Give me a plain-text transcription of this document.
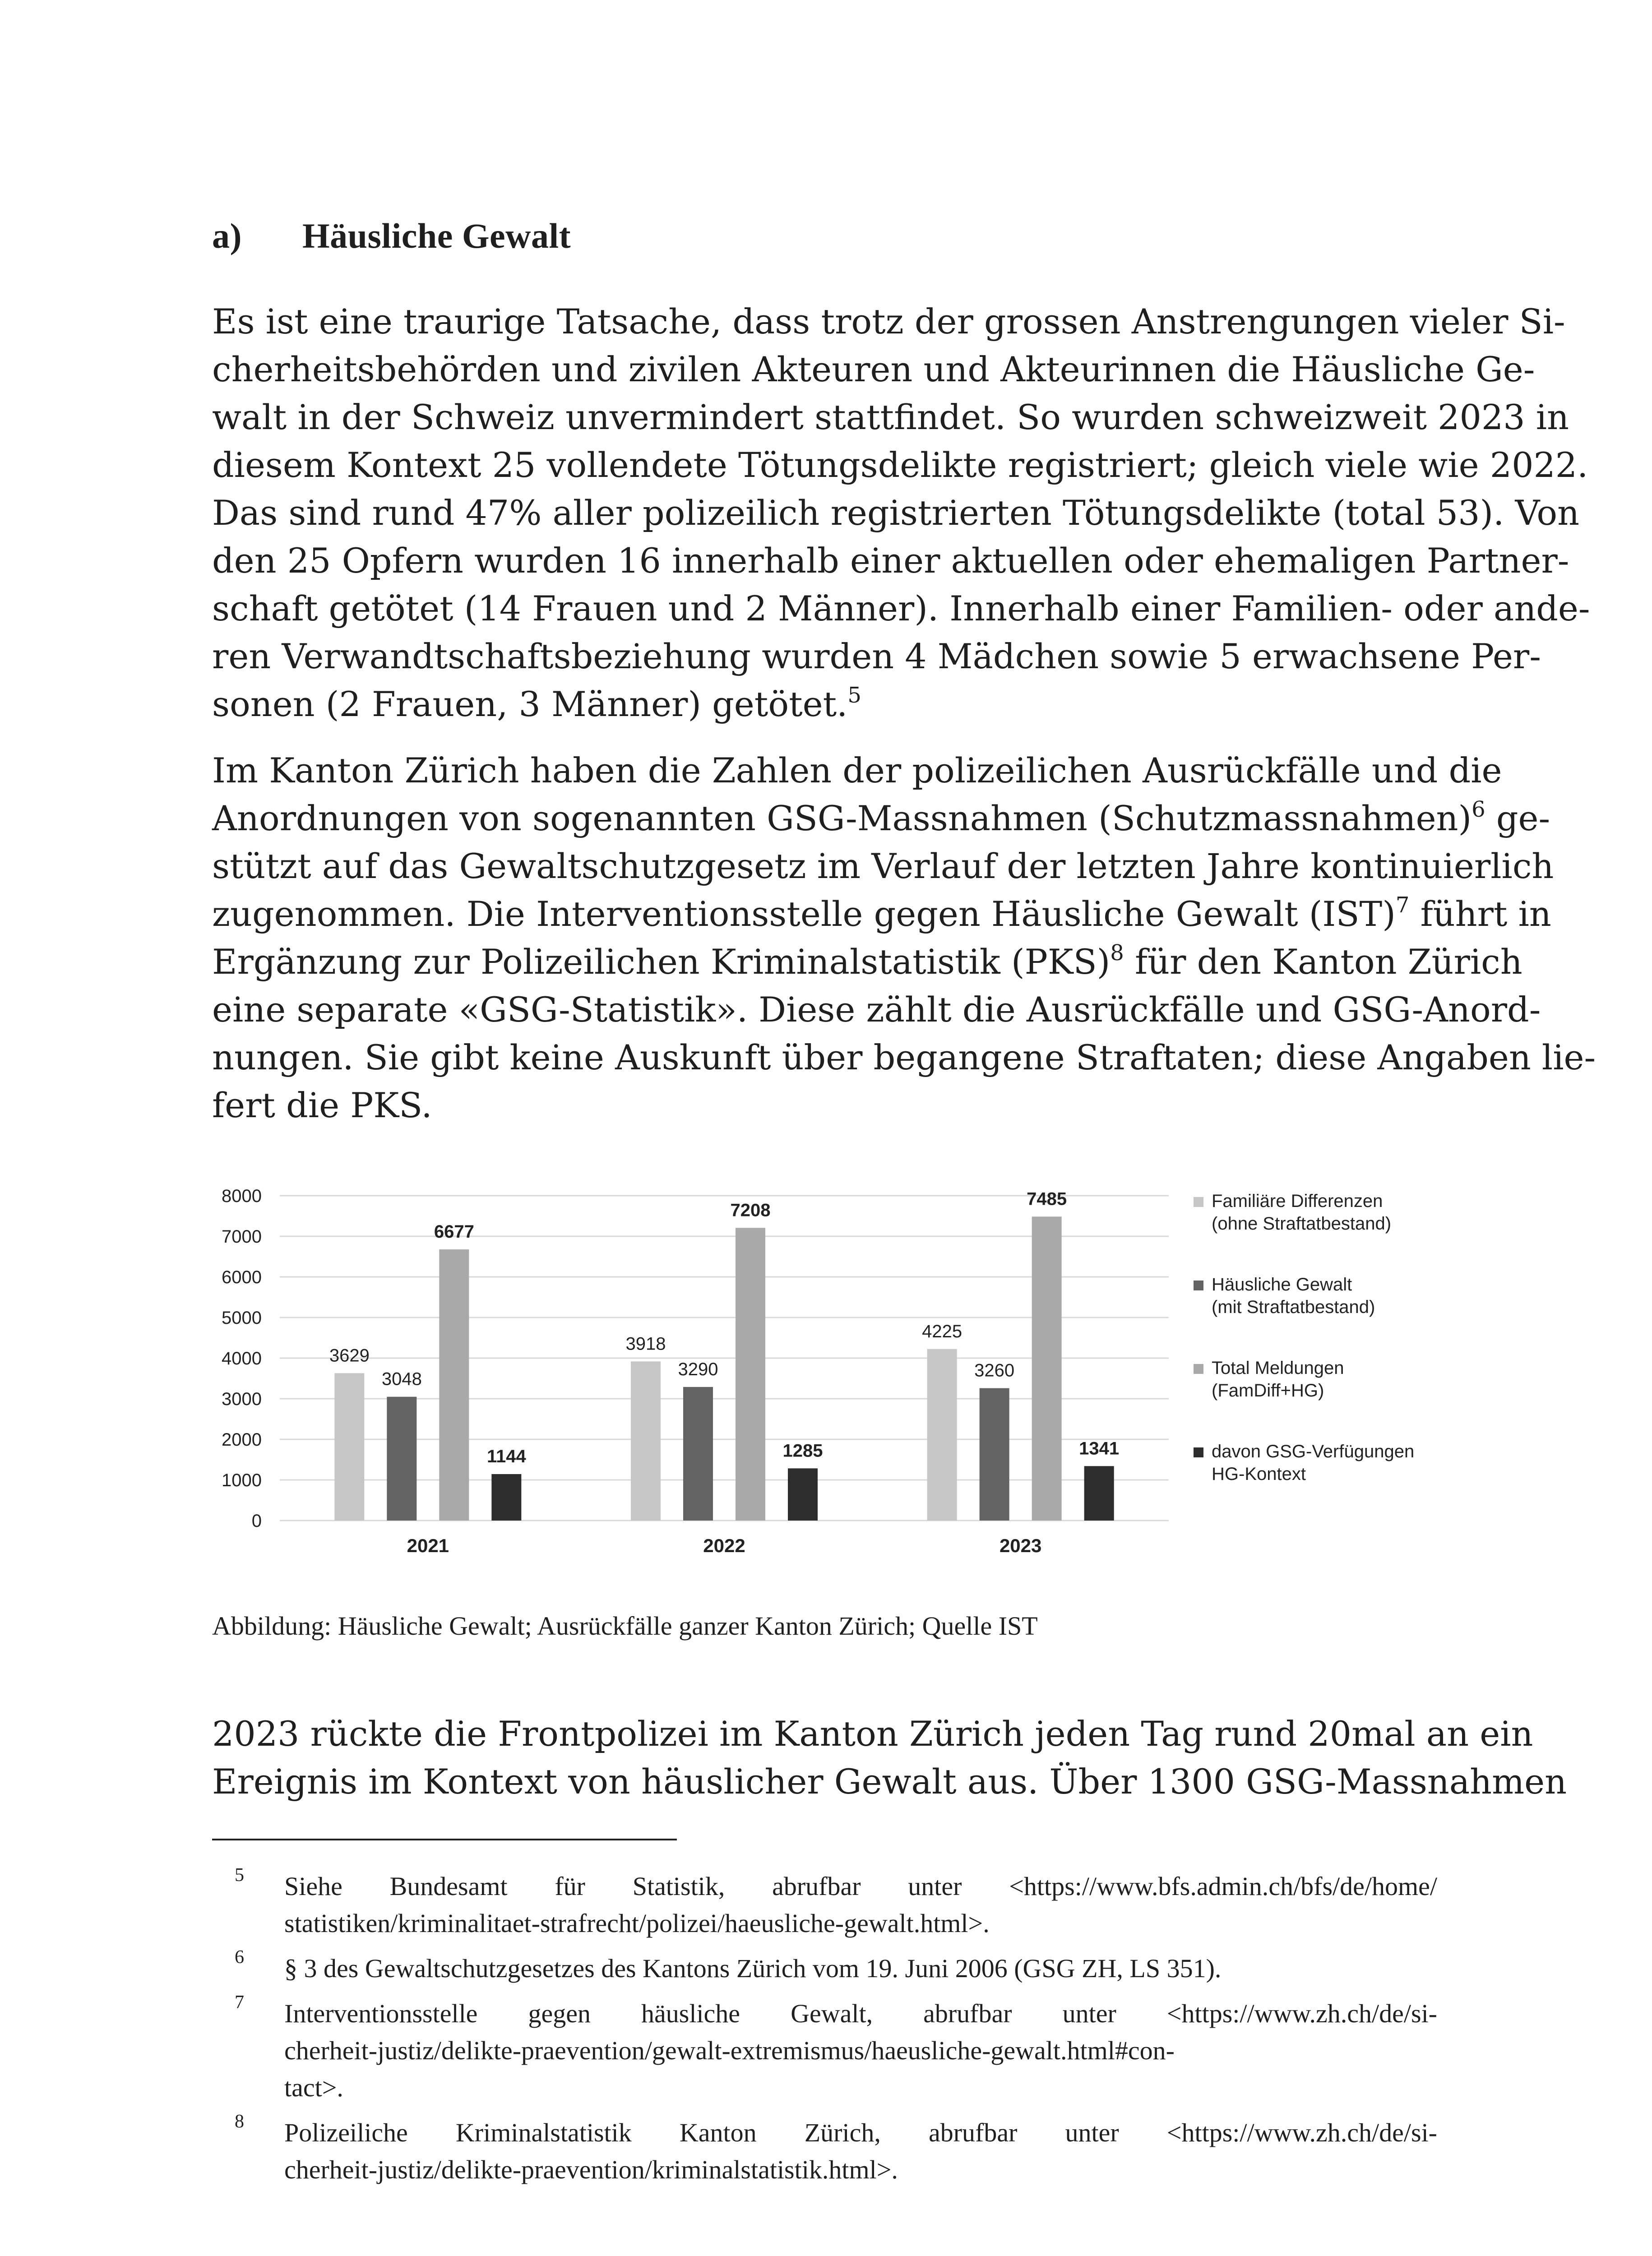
a) Häusliche Gewalt
Es ist eine traurige Tatsache, dass trotz der grossen Anstrengungen vieler Si-
cherheitsbehörden und zivilen Akteuren und Akteurinnen die Häusliche Ge-
walt in der Schweiz unvermindert stattfindet. So wurden schweizweit 2023 in
diesem Kontext 25 vollendete Tötungsdelikte registriert; gleich viele wie 2022.
Das sind rund 47% aller polizeilich registrierten Tötungsdelikte (total 53). Von
den 25 Opfern wurden 16 innerhalb einer aktuellen oder ehemaligen Partner-
schaft getötet (14 Frauen und 2 Männer). Innerhalb einer Familien- oder ande-
ren Verwandtschaftsbeziehung wurden 4 Mädchen sowie 5 erwachsene Per-
sonen (2 Frauen, 3 Männer) getötet.$^5$
Im Kanton Zürich haben die Zahlen der polizeilichen Ausrückfälle und die
Anordnungen von sogenannten GSG-Massnahmen (Schutzmassnahmen)$^6$ ge-
stützt auf das Gewaltschutzgesetz im Verlauf der letzten Jahre kontinuierlich
zugenommen. Die Interventionsstelle gegen Häusliche Gewalt (IST)$^7$ führt in
Ergänzung zur Polizeilichen Kriminalstatistik (PKS)$^8$ für den Kanton Zürich
eine separate «GSG-Statistik». Diese zählt die Ausrückfälle und GSG-Anord-
nungen. Sie gibt keine Auskunft über begangene Straftaten; diese Angaben lie-
fert die PKS.
0
1000
2000
3000
4000
5000
6000
7000
8000
3629
3048
6677
1144
2021
3918
3290
7208
1285
2022
4225
3260
7485
1341
2023
Familiäre Differenzen
(ohne Straftatbestand)
Häusliche Gewalt
(mit Straftatbestand)
Total Meldungen
(FamDiff+HG)
davon GSG-Verfügungen
HG-Kontext
Abbildung: Häusliche Gewalt; Ausrückfälle ganzer Kanton Zürich; Quelle IST
2023 rückte die Frontpolizei im Kanton Zürich jeden Tag rund 20mal an ein
Ereignis im Kontext von häuslicher Gewalt aus. Über 1300 GSG-Massnahmen
5 Siehe Bundesamt für Statistik, abrufbar unter <https://www.bfs.admin.ch/bfs/de/home/
statistiken/kriminalitaet-strafrecht/polizei/haeusliche-gewalt.html>.
6 § 3 des Gewaltschutzgesetzes des Kantons Zürich vom 19. Juni 2006 (GSG ZH, LS 351).
7 Interventionsstelle gegen häusliche Gewalt, abrufbar unter <https://www.zh.ch/de/si-
cherheit-justiz/delikte-praevention/gewalt-extremismus/haeusliche-gewalt.html#con-
tact>.
8 Polizeiliche Kriminalstatistik Kanton Zürich, abrufbar unter <https://www.zh.ch/de/si-
cherheit-justiz/delikte-praevention/kriminalstatistik.html>.
